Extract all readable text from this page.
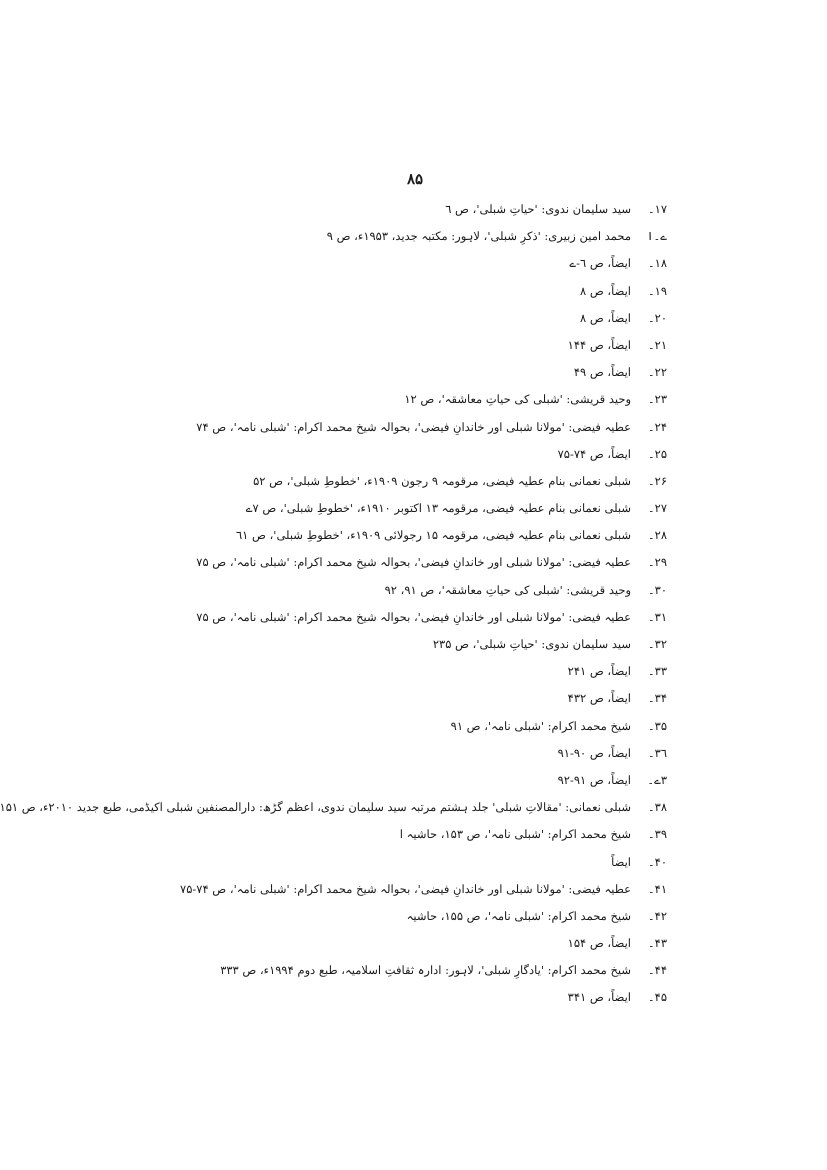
۸۵
۱۷۔
سید سلیمان ندوی: 'حیاتِ شبلی'، ص ٦
ے۔ا
محمد امین زبیری: 'ذکرِ شبلی'، لاہور: مکتبہ جدید، ۱۹۵۳ء، ص ۹
۱۸۔
ایضاً، ص ٦-ے
۱۹۔
ایضاً، ص ۸
۲۰۔
ایضاً، ص ۸
۲۱۔
ایضاً، ص ۱۴۴
۲۲۔
ایضاً، ص ۴۹
۲۳۔
وحید قریشی: 'شبلی کی حیاتِ معاشقہ'، ص ۱۲
۲۴۔
عطیہ فیضی: 'مولانا شبلی اور خاندانِ فیضی'، بحوالہ شیخ محمد اکرام: 'شبلی نامہ'، ص ۷۴
۲۵۔
ایضاً، ص ۷۴-۷۵
۲۶۔
شبلی نعمانی بنام عطیہ فیضی، مرقومہ ۹ رجون ۱۹۰۹ء، 'خطوطِ شبلی'، ص ۵۲
۲۷۔
شبلی نعمانی بنام عطیہ فیضی، مرقومہ ۱۳ اکتوبر ۱۹۱۰ء، 'خطوطِ شبلی'، ص ۷ے
۲۸۔
شبلی نعمانی بنام عطیہ فیضی، مرقومہ ۱۵ رجولائی ۱۹۰۹ء، 'خطوطِ شبلی'، ص ٦۱
۲۹۔
عطیہ فیضی: 'مولانا شبلی اور خاندانِ فیضی'، بحوالہ شیخ محمد اکرام: 'شبلی نامہ'، ص ۷۵
۳۰۔
وحید قریشی: 'شبلی کی حیاتِ معاشقہ'، ص ۹۱، ۹۲
۳۱۔
عطیہ فیضی: 'مولانا شبلی اور خاندانِ فیضی'، بحوالہ شیخ محمد اکرام: 'شبلی نامہ'، ص ۷۵
۳۲۔
سید سلیمان ندوی: 'حیاتِ شبلی'، ص ۲۳۵
۳۳۔
ایضاً، ص ۲۴۱
۳۴۔
ایضاً، ص ۴۳۲
۳۵۔
شیخ محمد اکرام: 'شبلی نامہ'، ص ۹۱
۳٦۔
ایضاً، ص ۹۰-۹۱
۳ے۔
ایضاً، ص ۹۱-۹۲
۳۸۔
شبلی نعمانی: 'مقالاتِ شبلی' جلد ہشتم مرتبہ سید سلیمان ندوی، اعظم گڑھ: دارالمصنفین شبلی اکیڈمی، طبع جدید ۲۰۱۰ء، ص ۱۵۱
۳۹۔
شیخ محمد اکرام: 'شبلی نامہ'، ص ۱۵۳، حاشیہ ا
۴۰۔
ایضاً
۴۱۔
عطیہ فیضی: 'مولانا شبلی اور خاندانِ فیضی'، بحوالہ شیخ محمد اکرام: 'شبلی نامہ'، ص ۷۴-۷۵
۴۲۔
شیخ محمد اکرام: 'شبلی نامہ'، ص ۱۵۵، حاشیہ
۴۳۔
ایضاً، ص ۱۵۴
۴۴۔
شیخ محمد اکرام: 'یادگارِ شبلی'، لاہور: ادارہ ثقافتِ اسلامیہ، طبع دوم ۱۹۹۴ء، ص ۳۳۳
۴۵۔
ایضاً، ص ۳۴۱
